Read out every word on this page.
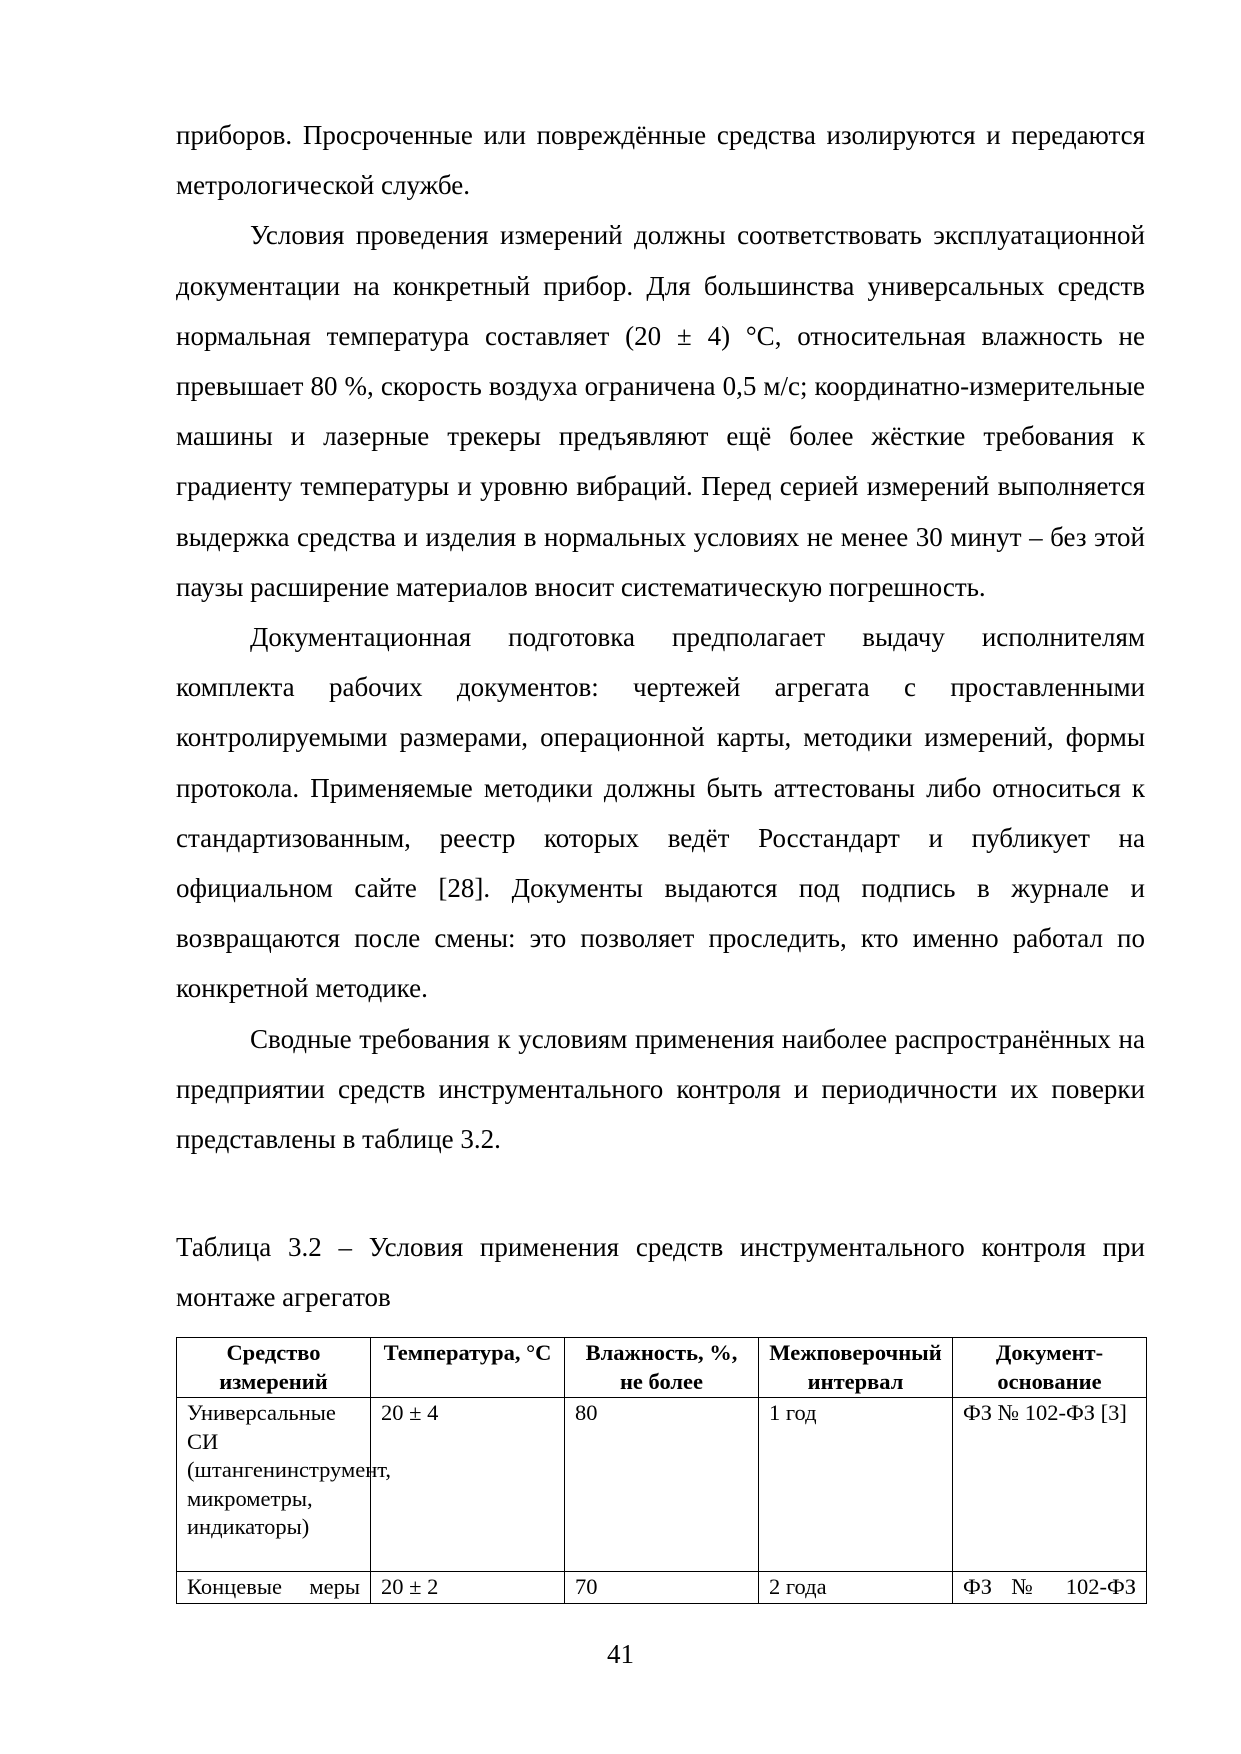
приборов. Просроченные или повреждённые средства изолируются и передаются метрологической службе.

Условия проведения измерений должны соответствовать эксплуатационной документации на конкретный прибор. Для большинства универсальных средств нормальная температура составляет (20 ± 4) °С, относительная влажность не превышает 80 %, скорость воздуха ограничена 0,5 м/с; координатно-измерительные машины и лазерные трекеры предъявляют ещё более жёсткие требования к градиенту температуры и уровню вибраций. Перед серией измерений выполняется выдержка средства и изделия в нормальных условиях не менее 30 минут – без этой паузы расширение материалов вносит систематическую погрешность.

Документационная подготовка предполагает выдачу исполнителям комплекта рабочих документов: чертежей агрегата с проставленными контролируемыми размерами, операционной карты, методики измерений, формы протокола. Применяемые методики должны быть аттестованы либо относиться к стандартизованным, реестр которых ведёт Росстандарт и публикует на официальном сайте [28]. Документы выдаются под подпись в журнале и возвращаются после смены: это позволяет проследить, кто именно работал по конкретной методике.

Сводные требования к условиям применения наиболее распространённых на предприятии средств инструментального контроля и периодичности их поверки представлены в таблице 3.2.

Таблица 3.2 – Условия применения средств инструментального контроля при монтаже агрегатов

Средство измерений	Температура, °С	Влажность, %, не более	Межповерочный интервал	Документ-основание
Универсальные СИ (штангенинструмент, микрометры, индикаторы)	20 ± 4	80	1 год	ФЗ № 102-ФЗ [3]
Концевые меры	20 ± 2	70	2 года	ФЗ № 102-ФЗ
41
